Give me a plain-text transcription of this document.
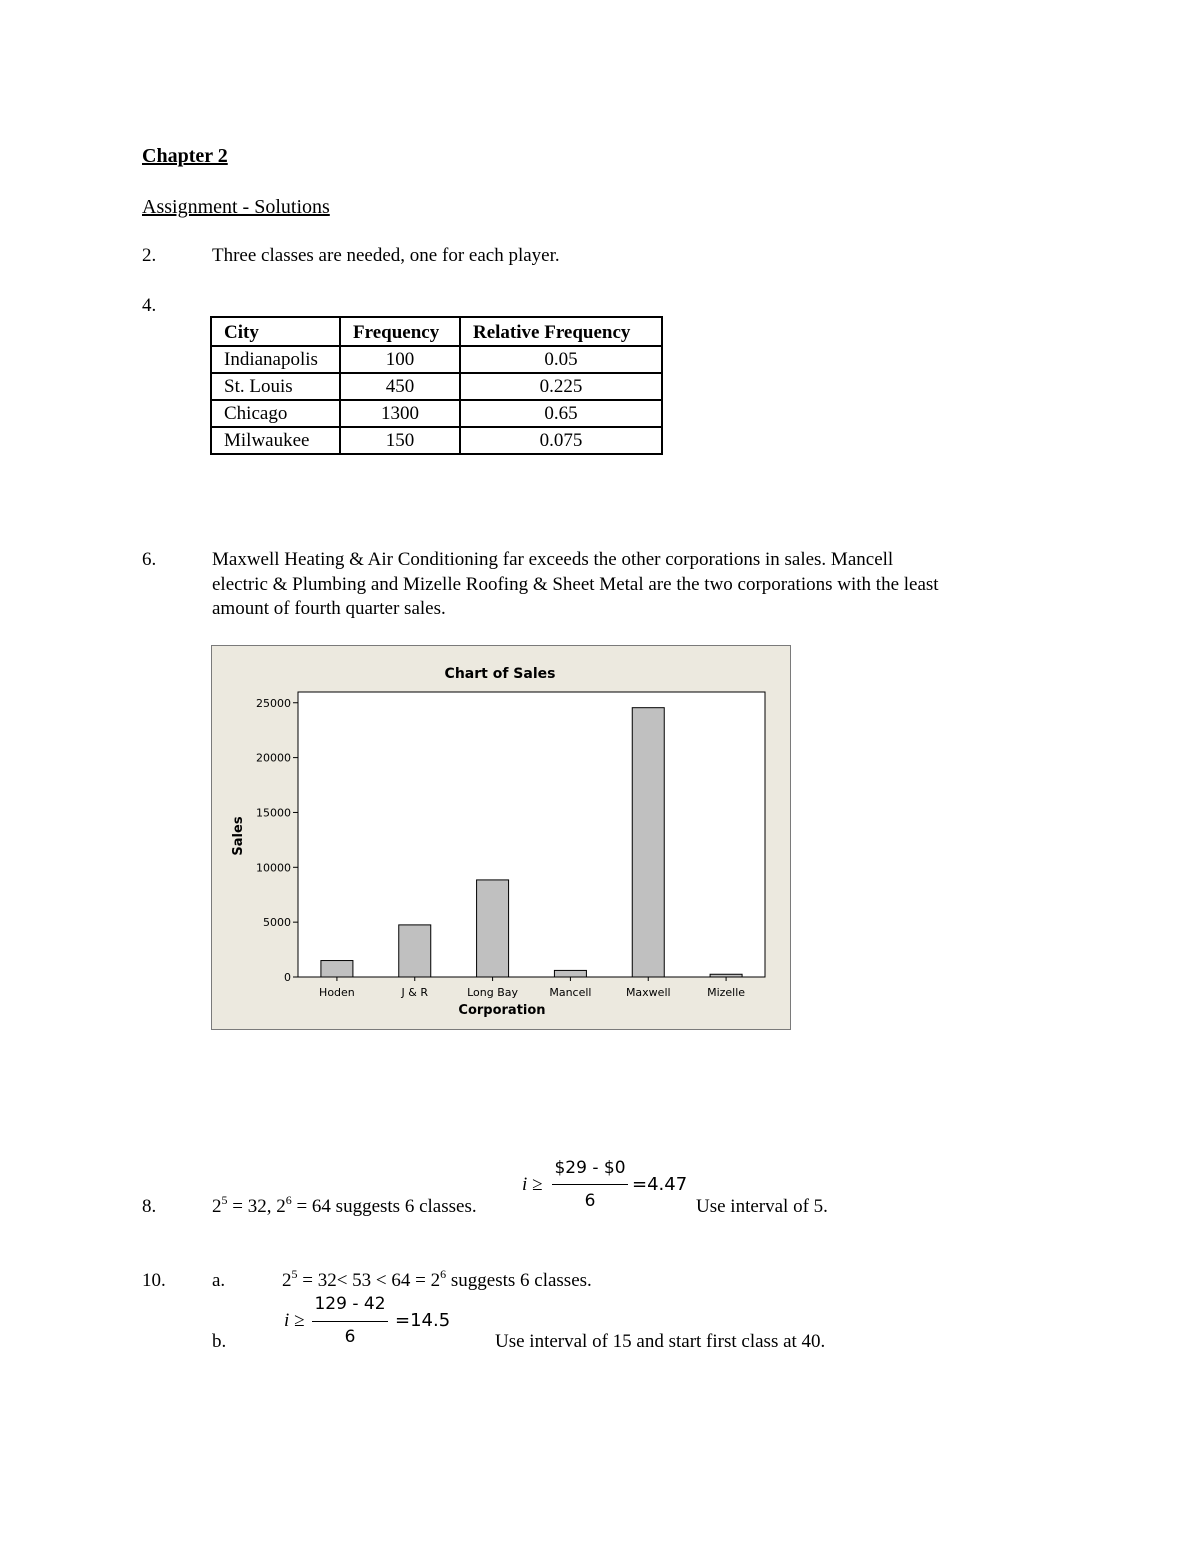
Chapter 2
Assignment - Solutions
2.	Three classes are needed, one for each player.
4.
City	Frequency	Relative Frequency
Indianapolis	100	0.05
St. Louis	450	0.225
Chicago	1300	0.65
Milwaukee	150	0.075
6.	Maxwell Heating & Air Conditioning far exceeds the other corporations in sales. Mancell
electric & Plumbing and Mizelle Roofing & Sheet Metal are the two corporations with the least
amount of fourth quarter sales.
Chart of Sales
0
5000
10000
15000
20000
25000
Hoden	J & R	Long Bay	Mancell	Maxwell	Mizelle
Corporation
Sales
8.	$2^5 = 32$, $2^6 = 64$ suggests 6 classes.
i ≥
$29 - $0
6
=4.47
Use interval of 5.
10. a.	$2^5 = 32< 53 < 64 = 2^6$ suggests 6 classes.
b.
i ≥
129 - 42
6
=14.5
Use interval of 15 and start first class at 40.
